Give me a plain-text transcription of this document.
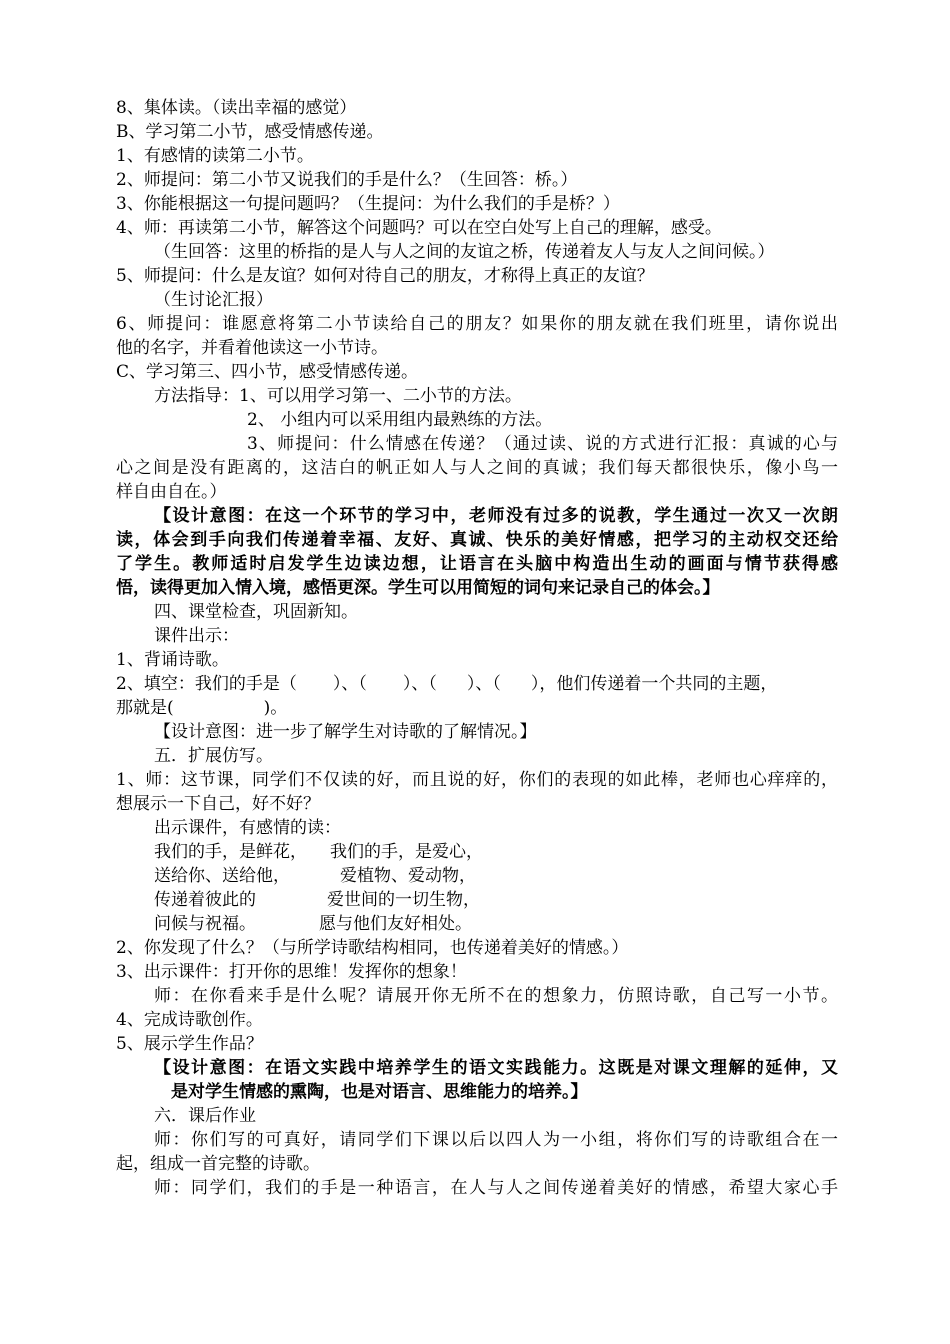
8、集体读。（读出幸福的感觉）
B、学习第二小节，感受情感传递。
1、有感情的读第二小节。
2、师提问：第二小节又说我们的手是什么？（生回答：桥。）
3、你能根据这一句提问题吗？（生提问：为什么我们的手是桥？）
4、师：再读第二小节，解答这个问题吗？可以在空白处写上自己的理解，感受。
（生回答：这里的桥指的是人与人之间的友谊之桥，传递着友人与友人之间问候。）
5、师提问：什么是友谊？如何对待自己的朋友，才称得上真正的友谊？
（生讨论汇报）
6、师提问：谁愿意将第二小节读给自己的朋友？如果你的朋友就在我们班里，请你说出
他的名字，并看着他读这一小节诗。
C、学习第三、四小节，感受情感传递。
方法指导：1、可以用学习第一、二小节的方法。
2、 小组内可以采用组内最熟练的方法。
3、师提问：什么情感在传递？（通过读、说的方式进行汇报：真诚的心与
心之间是没有距离的，这洁白的帆正如人与人之间的真诚；我们每天都很快乐，像小鸟一
样自由自在。）
【设计意图：在这一个环节的学习中，老师没有过多的说教，学生通过一次又一次朗
读，体会到手向我们传递着幸福、友好、真诚、快乐的美好情感，把学习的主动权交还给
了学生。教师适时启发学生边读边想，让语言在头脑中构造出生动的画面与情节获得感
悟，读得更加入情入境，感悟更深。学生可以用简短的词句来记录自己的体会。】
四、课堂检查，巩固新知。
课件出示：
1、背诵诗歌。
2、填空：我们的手是（ ）、（ ）、（ ）、（ ），他们传递着一个共同的主题，
那就是(	)。
【设计意图：进一步了解学生对诗歌的了解情况。】
五．扩展仿写。
1、师：这节课，同学们不仅读的好，而且说的好，你们的表现的如此棒，老师也心痒痒的，
想展示一下自己，好不好？
出示课件，有感情的读：
我们的手，是鲜花，	我们的手，是爱心，
送给你、送给他，	爱植物、爱动物，
传递着彼此的	爱世间的一切生物，
问候与祝福。	愿与他们友好相处。
2、你发现了什么？（与所学诗歌结构相同，也传递着美好的情感。）
3、出示课件：打开你的思维！发挥你的想象！
师：在你看来手是什么呢？请展开你无所不在的想象力，仿照诗歌，自己写一小节。
4、完成诗歌创作。
5、展示学生作品？
【设计意图：在语文实践中培养学生的语文实践能力。这既是对课文理解的延伸，又
是对学生情感的熏陶，也是对语言、思维能力的培养。】
六．课后作业
师：你们写的可真好，请同学们下课以后以四人为一小组，将你们写的诗歌组合在一
起，组成一首完整的诗歌。
师：同学们，我们的手是一种语言，在人与人之间传递着美好的情感，希望大家心手
